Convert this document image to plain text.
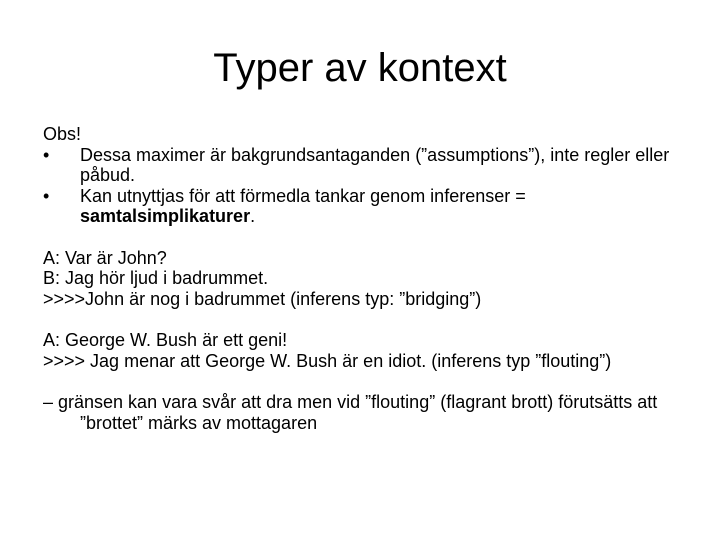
Typer av kontext
Obs!
•	Dessa maximer är bakgrundsantaganden (”assumptions”), inte regler eller påbud.
•	Kan utnyttjas för att förmedla tankar genom inferenser = samtalsimplikaturer.
A: Var är John?
B: Jag hör ljud i badrummet.
>>>>John är nog i badrummet (inferens typ: ”bridging”)
A: George W. Bush är ett geni!
>>>> Jag menar att George W. Bush är en idiot. (inferens typ ”flouting”)
– gränsen kan vara svår att dra men vid ”flouting” (flagrant brott) förutsätts att ”brottet” märks av mottagaren
